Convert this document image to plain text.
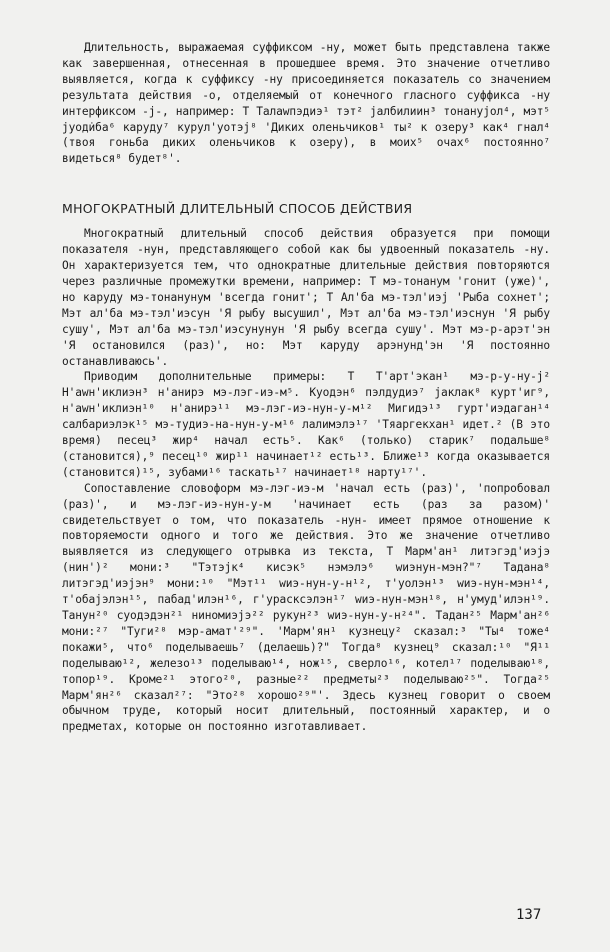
Длительность, выражаемая суффиксом -ну, может быть представлена также как завершенная, отнесенная в прошедшее время. Это значение отчетливо выявляется, когда к суффиксу -ну присоединяется показатель со значением результата действия -о, отделяемый от конечного гласного суффикса -ну интерфиксом -j-, например: Т Талаwпэдиэ¹ тэт² jалбилиин³ тонануjол⁴, мэт⁵ jуоди̇ба⁶ каруду⁷ курул'уотэj⁸ 'Диких оленьчиков¹ ты² к озеру³ как⁴ гнал⁴ (твоя гоньба диких оленьчиков к озеру), в моих⁵ очах⁶ постоянно⁷ видеться⁸ будет⁸'.

МНОГОКРАТНЫЙ ДЛИТЕЛЬНЫЙ СПОСОБ ДЕЙСТВИЯ

Многократный длительный способ действия образуется при помощи показателя -нун, представляющего собой как бы удвоенный показатель -ну. Он характеризуется тем, что однократные длительные действия повторяются через различные промежутки времени, например: Т мэ-тонанум 'гонит (уже)', но каруду мэ-тонанунум 'всегда гонит'; Т Ал'ба мэ-тэл'иэj 'Рыба сохнет'; Мэт ал'ба мэ-тэл'иэсун 'Я рыбу высушил', Мэт ал'ба мэ-тэл'иэснун 'Я рыбу сушу', Мэт ал'ба мэ-тэл'иэсунунун 'Я рыбу всегда сушу'. Мэт мэ-р-арэт'эн 'Я остановился (раз)', но: Мэт каруду арэнунд'эн 'Я постоянно останавливаюсь'.

Приводим дополнительные примеры: Т Т'арт'экан¹ мэ-р-у-ну-j² Н'аwн'иклиэн³ н'анирэ мэ-лэг-иэ-м⁵. Куодэн⁶ пэлдудиэ⁷ jаклак⁸ курт'иг⁹, н'аwн'иклиэн¹⁰ н'анирэ¹¹ мэ-лэг-иэ-нун-у-м¹² Мигидэ¹³ гурт'иэдаган¹⁴ салбариэлэк¹⁵ мэ-тудиэ-на-нун-у-м¹⁶ лалимэлэ¹⁷ 'Тяаргекхан¹ идет.² (В это время) песец³ жир⁴ начал есть⁵. Как⁶ (только) старик⁷ подальше⁸ (становится),⁹ песец¹⁰ жир¹¹ начинает¹² есть¹³. Ближе¹³ когда оказывается (становится)¹⁵, зубами¹⁶ таскать¹⁷ начинает¹⁸ нарту¹⁷'.

Сопоставление словоформ мэ-лэг-иэ-м 'начал есть (раз)', 'попробовал (раз)', и мэ-лэг-иэ-нун-у-м 'начинает есть (раз за разом)' свидетельствует о том, что показатель -нун- имеет прямое отношение к повторяемости одного и того же действия. Это же значение отчетливо выявляется из следующего отрывка из текста, Т Марм'ан¹ литэгэд'иэjэ (нин')² мони:³ "Тэтэjк⁴ кисэк⁵ нэмэлэ⁶ wиэнун-мэн?"⁷ Тадана⁸ литэгэд'иэjэн⁹ мони:¹⁰ "Мэт¹¹ wиэ-нун-у-н¹², т'уолэн¹³ wиэ-нун-мэн¹⁴, т'обаjэлэн¹⁵, пабад'илэн¹⁶, г'урасксэлэн¹⁷ wиэ-нун-мэн¹⁸, н'умуд'илэн¹⁹. Танун²⁰ суодэдэн²¹ ниномиэjэ²² рукун²³ wиэ-нун-у-н²⁴". Тадан²⁵ Марм'ан²⁶ мони:²⁷ "Туги²⁸ мэр-амат'²⁹". 'Марм'ян¹ кузнецу² сказал:³ "Ты⁴ тоже⁴ покажи⁵, что⁶ поделываешь⁷ (делаешь)?" Тогда⁸ кузнец⁹ сказал:¹⁰ "Я¹¹ поделываю¹², железо¹³ поделываю¹⁴, нож¹⁵, сверло¹⁶, котел¹⁷ поделываю¹⁸, топор¹⁹. Кроме²¹ этого²⁰, разные²² предметы²³ поделываю²⁵". Тогда²⁵ Марм'ян²⁶ сказал²⁷: "Это²⁸ хорошо²⁹"'. Здесь кузнец говорит о своем обычном труде, который носит длительный, постоянный характер, и о предметах, которые он постоянно изготавливает.

137
